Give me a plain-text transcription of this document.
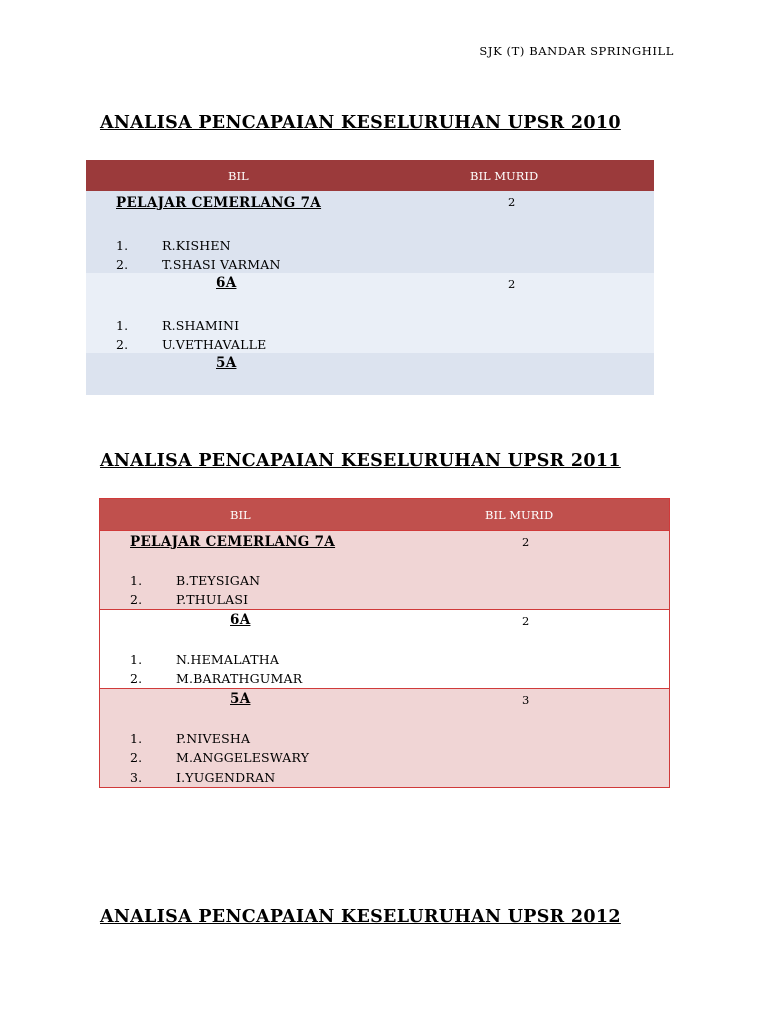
SJK (T) BANDAR SPRINGHILL
ANALISA PENCAPAIAN KESELURUHAN UPSR 2010
BIL	BIL MURID
PELAJAR CEMERLANG 7A	2
1.	R.KISHEN
2.	T.SHASI VARMAN
6A	2
1.	R.SHAMINI
2.	U.VETHAVALLE
5A
ANALISA PENCAPAIAN KESELURUHAN UPSR 2011
BIL	BIL MURID
PELAJAR CEMERLANG 7A	2
1.	B.TEYSIGAN
2.	P.THULASI
6A	2
1.	N.HEMALATHA
2.	M.BARATHGUMAR
5A	3
1.	P.NIVESHA
2.	M.ANGGELESWARY
3.	I.YUGENDRAN
ANALISA PENCAPAIAN KESELURUHAN UPSR 2012
